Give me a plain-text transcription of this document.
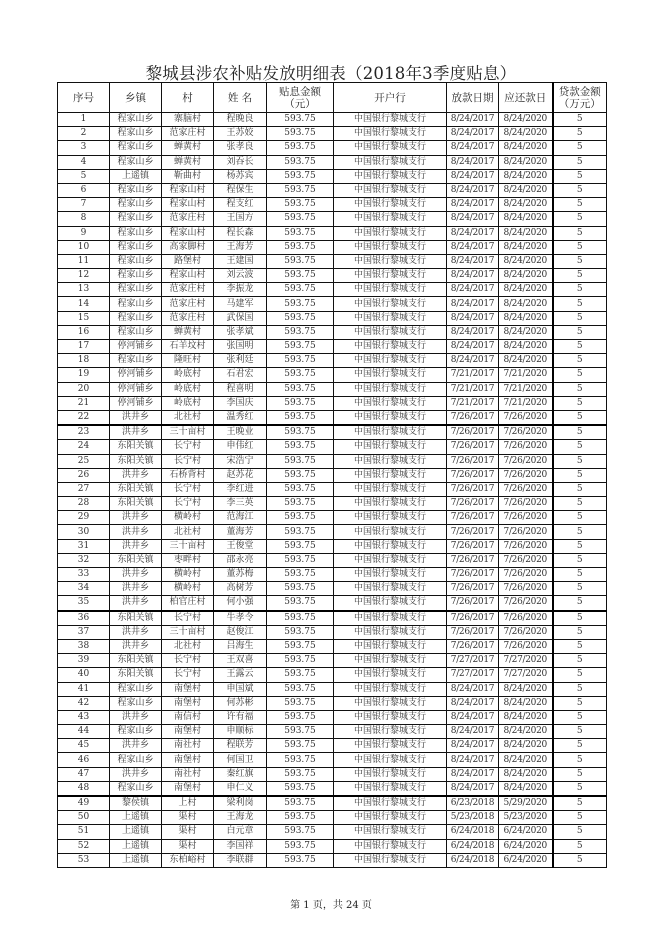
黎城县涉农补贴发放明细表（2018年3季度贴息）
序号	乡镇	村	姓 名	贴息金额（元）	开户行	放款日期	应还款日	贷款金额（万元）
1	程家山乡	寨脑村	程晚良	593.75	中国银行黎城支行	8/24/2017	8/24/2020	5
2	程家山乡	范家庄村	王苏姣	593.75	中国银行黎城支行	8/24/2017	8/24/2020	5
3	程家山乡	蝉黄村	张孝良	593.75	中国银行黎城支行	8/24/2017	8/24/2020	5
4	程家山乡	蝉黄村	刘吞长	593.75	中国银行黎城支行	8/24/2017	8/24/2020	5
5	上遥镇	靳曲村	杨苏宾	593.75	中国银行黎城支行	8/24/2017	8/24/2020	5
6	程家山乡	程家山村	程保生	593.75	中国银行黎城支行	8/24/2017	8/24/2020	5
7	程家山乡	程家山村	程支红	593.75	中国银行黎城支行	8/24/2017	8/24/2020	5
8	程家山乡	范家庄村	王国方	593.75	中国银行黎城支行	8/24/2017	8/24/2020	5
9	程家山乡	程家山村	程长森	593.75	中国银行黎城支行	8/24/2017	8/24/2020	5
10	程家山乡	高家脚村	王海芳	593.75	中国银行黎城支行	8/24/2017	8/24/2020	5
11	程家山乡	路堡村	王建国	593.75	中国银行黎城支行	8/24/2017	8/24/2020	5
12	程家山乡	程家山村	刘云波	593.75	中国银行黎城支行	8/24/2017	8/24/2020	5
13	程家山乡	范家庄村	李振龙	593.75	中国银行黎城支行	8/24/2017	8/24/2020	5
14	程家山乡	范家庄村	马建军	593.75	中国银行黎城支行	8/24/2017	8/24/2020	5
15	程家山乡	范家庄村	武保国	593.75	中国银行黎城支行	8/24/2017	8/24/2020	5
16	程家山乡	蝉黄村	张孝斌	593.75	中国银行黎城支行	8/24/2017	8/24/2020	5
17	停河铺乡	石羊坟村	张国明	593.75	中国银行黎城支行	8/24/2017	8/24/2020	5
18	程家山乡	隆旺村	张利廷	593.75	中国银行黎城支行	8/24/2017	8/24/2020	5
19	停河铺乡	岭底村	石君宏	593.75	中国银行黎城支行	7/21/2017	7/21/2020	5
20	停河铺乡	岭底村	程喜明	593.75	中国银行黎城支行	7/21/2017	7/21/2020	5
21	停河铺乡	岭底村	李国庆	593.75	中国银行黎城支行	7/21/2017	7/21/2020	5
22	洪井乡	北社村	温秀红	593.75	中国银行黎城支行	7/26/2017	7/26/2020	5
23	洪井乡	三十亩村	王晚业	593.75	中国银行黎城支行	7/26/2017	7/26/2020	5
24	东阳关镇	长宁村	申伟红	593.75	中国银行黎城支行	7/26/2017	7/26/2020	5
25	东阳关镇	长宁村	宋浩宁	593.75	中国银行黎城支行	7/26/2017	7/26/2020	5
26	洪井乡	石桥背村	赵苏花	593.75	中国银行黎城支行	7/26/2017	7/26/2020	5
27	东阳关镇	长宁村	李红进	593.75	中国银行黎城支行	7/26/2017	7/26/2020	5
28	东阳关镇	长宁村	李三英	593.75	中国银行黎城支行	7/26/2017	7/26/2020	5
29	洪井乡	横岭村	范海江	593.75	中国银行黎城支行	7/26/2017	7/26/2020	5
30	洪井乡	北社村	董海芳	593.75	中国银行黎城支行	7/26/2017	7/26/2020	5
31	洪井乡	三十亩村	王俊堂	593.75	中国银行黎城支行	7/26/2017	7/26/2020	5
32	东阳关镇	枣畔村	邵永亮	593.75	中国银行黎城支行	7/26/2017	7/26/2020	5
33	洪井乡	横岭村	董苏梅	593.75	中国银行黎城支行	7/26/2017	7/26/2020	5
34	洪井乡	横岭村	高树芳	593.75	中国银行黎城支行	7/26/2017	7/26/2020	5
35	洪井乡	柏官庄村	何小强	593.75	中国银行黎城支行	7/26/2017	7/26/2020	5
36	东阳关镇	长宁村	牛孝令	593.75	中国银行黎城支行	7/26/2017	7/26/2020	5
37	洪井乡	三十亩村	赵俊江	593.75	中国银行黎城支行	7/26/2017	7/26/2020	5
38	洪井乡	北社村	吕海生	593.75	中国银行黎城支行	7/26/2017	7/26/2020	5
39	东阳关镇	长宁村	王双喜	593.75	中国银行黎城支行	7/27/2017	7/27/2020	5
40	东阳关镇	长宁村	王露云	593.75	中国银行黎城支行	7/27/2017	7/27/2020	5
41	程家山乡	南堡村	申国斌	593.75	中国银行黎城支行	8/24/2017	8/24/2020	5
42	程家山乡	南堡村	何苏彬	593.75	中国银行黎城支行	8/24/2017	8/24/2020	5
43	洪井乡	南信村	许有福	593.75	中国银行黎城支行	8/24/2017	8/24/2020	5
44	程家山乡	南堡村	申顺标	593.75	中国银行黎城支行	8/24/2017	8/24/2020	5
45	洪井乡	南社村	程联芳	593.75	中国银行黎城支行	8/24/2017	8/24/2020	5
46	程家山乡	南堡村	何国卫	593.75	中国银行黎城支行	8/24/2017	8/24/2020	5
47	洪井乡	南社村	秦红旗	593.75	中国银行黎城支行	8/24/2017	8/24/2020	5
48	程家山乡	南堡村	申仁义	593.75	中国银行黎城支行	8/24/2017	8/24/2020	5
49	黎侯镇	上村	梁利岗	593.75	中国银行黎城支行	6/23/2018	5/29/2020	5
50	上遥镇	渠村	王海龙	593.75	中国银行黎城支行	5/23/2018	5/23/2020	5
51	上遥镇	渠村	白元章	593.75	中国银行黎城支行	6/24/2018	6/24/2020	5
52	上遥镇	渠村	李国祥	593.75	中国银行黎城支行	6/24/2018	6/24/2020	5
53	上遥镇	东柏峪村	李联群	593.75	中国银行黎城支行	6/24/2018	6/24/2020	5
第 1 页，共 24 页
